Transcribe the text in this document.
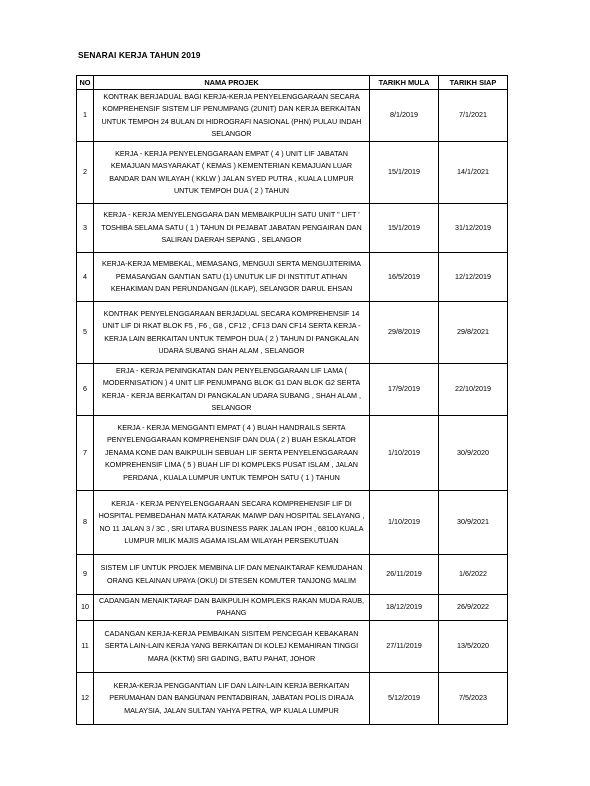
SENARAI KERJA TAHUN 2019
NO	NAMA PROJEK	TARIKH MULA	TARIKH SIAP
1	KONTRAK BERJADUAL BAGI KERJA-KERJA PENYELENGGARAAN SECARA KOMPREHENSIF SISTEM LIF PENUMPANG (2UNIT) DAN KERJA BERKAITAN UNTUK TEMPOH 24 BULAN DI HIDROGRAFI NASIONAL (PHN) PULAU INDAH SELANGOR	8/1/2019	7/1/2021
2	KERJA - KERJA PENYELENGGARAAN EMPAT ( 4 ) UNIT LIF JABATAN KEMAJUAN MASYARAKAT ( KEMAS ) KEMENTERIAN KEMAJUAN LUAR BANDAR DAN WILAYAH ( KKLW ) JALAN SYED PUTRA , KUALA LUMPUR UNTUK TEMPOH DUA ( 2 ) TAHUN	15/1/2019	14/1/2021
3	KERJA - KERJA MENYELENGGARA DAN MEMBAIKPULIH SATU UNIT " LIFT ' TOSHIBA SELAMA SATU ( 1 ) TAHUN DI PEJABAT JABATAN PENGAIRAN DAN SALIRAN DAERAH SEPANG , SELANGOR	15/1/2019	31/12/2019
4	KERJA-KERJA MEMBEKAL, MEMASANG, MENGUJI SERTA MENGUJITERIMA PEMASANGAN GANTIAN SATU (1) UNUTUK LIF DI INSTITUT ATIHAN KEHAKIMAN DAN PERUNDANGAN (ILKAP), SELANGOR DARUL EHSAN	16/5/2019	12/12/2019
5	KONTRAK PENYELENGGARAAN BERJADUAL SECARA KOMPREHENSIF 14 UNIT LIF DI RKAT BLOK F5 , F6 , G8 , CF12 , CF13 DAN CF14 SERTA KERJA - KERJA LAIN BERKAITAN UNTUK TEMPOH DUA ( 2 ) TAHUN DI PANGKALAN UDARA SUBANG SHAH ALAM , SELANGOR	29/8/2019	29/8/2021
6	ERJA - KERJA PENINGKATAN DAN PENYELENGGARAAN LIF LAMA ( MODERNISATION ) 4 UNIT LIF PENUMPANG BLOK G1 DAN BLOK G2 SERTA KERJA - KERJA BERKAITAN DI PANGKALAN UDARA SUBANG , SHAH ALAM , SELANGOR	17/9/2019	22/10/2019
7	KERJA - KERJA MENGGANTI EMPAT ( 4 ) BUAH HANDRAILS SERTA PENYELENGGARAAN KOMPREHENSIF DAN DUA ( 2 ) BUAH ESKALATOR JENAMA KONE DAN BAIKPULIH SEBUAH LIF SERTA PENYELENGGARAAN KOMPREHENSIF LIMA ( 5 ) BUAH LIF DI KOMPLEKS PUSAT ISLAM , JALAN PERDANA , KUALA LUMPUR UNTUK TEMPOH SATU ( 1 ) TAHUN	1/10/2019	30/9/2020
8	KERJA - KERJA PENYELENGGARAAN SECARA KOMPREHENSIF LIF DI HOSPITAL PEMBEDAHAN MATA KATARAK MAIWP DAN HOSPITAL SELAYANG , NO 11 JALAN 3 / 3C , SRI UTARA BUSINESS PARK JALAN IPOH , 68100 KUALA LUMPUR MILIK MAJIS AGAMA ISLAM WILAYAH PERSEKUTUAN	1/10/2019	30/9/2021
9	SISTEM LIF UNTUK PROJEK MEMBINA LIF DAN MENAIKTARAF KEMUDAHAN ORANG KELAINAN UPAYA (OKU) DI STESEN KOMUTER TANJONG MALIM	26/11/2019	1/6/2022
10	CADANGAN MENAIKTARAF DAN BAIKPULIH KOMPLEKS RAKAN MUDA RAUB, PAHANG	18/12/2019	26/9/2022
11	CADANGAN KERJA-KERJA PEMBAIKAN SISITEM PENCEGAH KEBAKARAN SERTA LAIN-LAIN KERJA YANG BERKAITAN DI KOLEJ KEMAHIRAN TINGGI MARA (KKTM) SRI GADING, BATU PAHAT, JOHOR	27/11/2019	13/5/2020
12	KERJA-KERJA PENGGANTIAN LIF DAN LAIN-LAIN KERJA BERKAITAN PERUMAHAN DAN BANGUNAN PENTADBIRAN, JABATAN POLIS DIRAJA MALAYSIA, JALAN SULTAN YAHYA PETRA, WP KUALA LUMPUR	5/12/2019	7/5/2023
